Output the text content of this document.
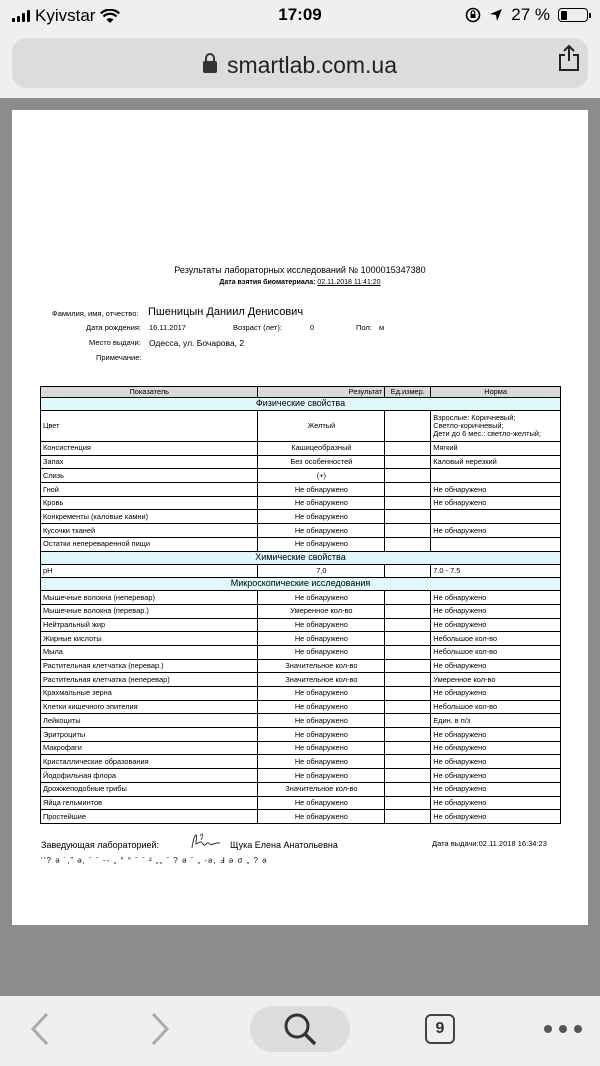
Kyivstar	17:09	27 %
smartlab.com.ua
Результаты лабораторных исследований № 1000015347380
Дата взятия биоматериала: 02.11.2018 11:41:20
Фамилия, имя, отчество: Пшеницын Даниил Денисович
Дата рождения: 16.11.2017	Возраст (лет):	0	Пол: м
Место выдачи: Одесса, ул. Бочарова, 2
Примечание:
Показатель	Результат	Ед.измер.	Норма
Физические свойства			
Цвет	Желтый		Взрослые: Коричневый;
Светло-коричневый;
Дети до 6 мес.: светло-желтый;
Консистенция	Кашицеобразный		Мягкий
Запах	Без особенностей		Каловый нерезкий
Слизь	(+)		
Гной	Не обнаружено		Не обнаружено
Кровь	Не обнаружено		Не обнаружено
Конкременты (каловые камни)	Не обнаружено		
Кусочки тканей	Не обнаружено		Не обнаружено
Остатки непереваренной пищи	Не обнаружено		
Химические свойства			
pH	7.0		7.0 - 7.5
Микроскопические исследования			
Мышечные волокна (неперевар)	Не обнаружено		Не обнаружено
Мышечные волокна (перевар.)	Умеренное кол-во		Не обнаружено
Нейтральный жир	Не обнаружено		Не обнаружено
Жирные кислоты	Не обнаружено		Небольшое кол-во
Мыла	Не обнаружено		Небольшое кол-во
Растительная клетчатка (перевар.)	Значительное кол-во		Не обнаружено
Растительная клетчатка (неперевар)	Значительное кол-во		Умеренное кол-во
Крахмальные зерна	Не обнаружено		Не обнаружено
Клетки кишечного эпителия	Не обнаружено		Небольшое кол-во
Лейкоциты	Не обнаружено		Един. в п/з
Эритроциты	Не обнаружено		Не обнаружено
Макрофаги	Не обнаружено		Не обнаружено
Кристаллические образования	Не обнаружено		Не обнаружено
Йодофильная флора	Не обнаружено		Не обнаружено
Дрожжеподобные грибы	Значительное кол-во		Не обнаружено
Яйца гельминтов	Не обнаружено		Не обнаружено
Простейшие	Не обнаружено		Не обнаружено
Заведующая лабораторией:	Щука Елена Анатольевна	Дата выдачи:02.11.2018 16:34:23
‘’? ə ˙‚” ə, ˉ ˉ -- „ ° ° ˉ ˉ ² „„ ˉ ? ə ˉ „ -ə, Ⅎ ə σ „ ? ə
9
